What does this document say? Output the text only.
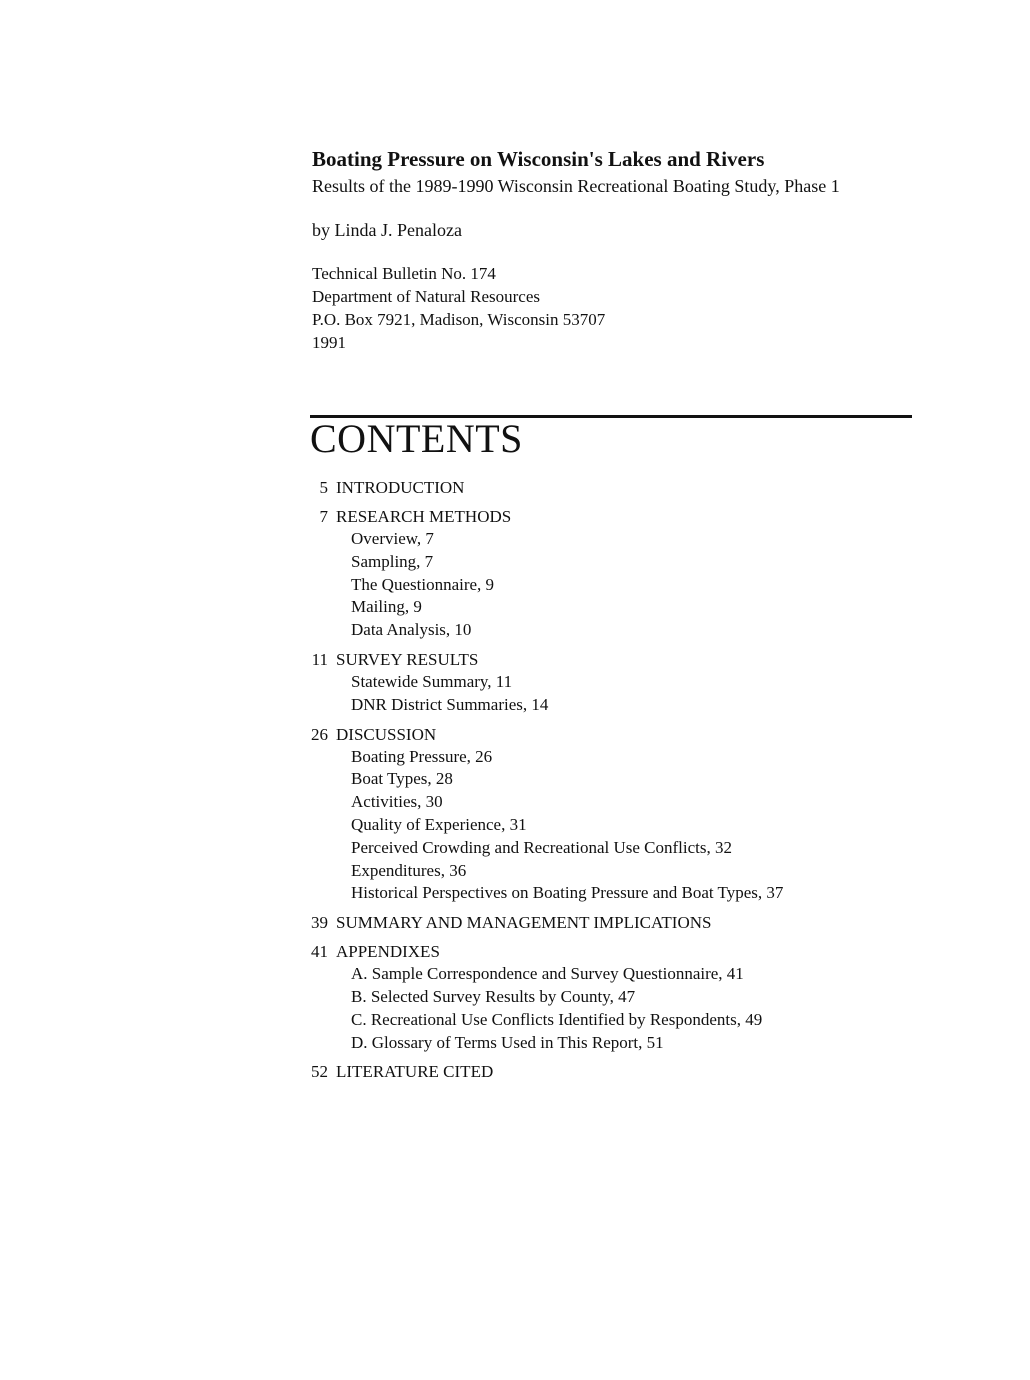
Boating Pressure on Wisconsin's Lakes and Rivers
Results of the 1989-1990 Wisconsin Recreational Boating Study, Phase 1
by Linda J. Penaloza
Technical Bulletin No. 174
Department of Natural Resources
P.O. Box 7921, Madison, Wisconsin 53707
1991
CONTENTS
5 INTRODUCTION
7 RESEARCH METHODS
Overview, 7
Sampling, 7
The Questionnaire, 9
Mailing, 9
Data Analysis, 10
11 SURVEY RESULTS
Statewide Summary, 11
DNR District Summaries, 14
26 DISCUSSION
Boating Pressure, 26
Boat Types, 28
Activities, 30
Quality of Experience, 31
Perceived Crowding and Recreational Use Conflicts, 32
Expenditures, 36
Historical Perspectives on Boating Pressure and Boat Types, 37
39 SUMMARY AND MANAGEMENT IMPLICATIONS
41 APPENDIXES
A. Sample Correspondence and Survey Questionnaire, 41
B. Selected Survey Results by County, 47
C. Recreational Use Conflicts Identified by Respondents, 49
D. Glossary of Terms Used in This Report, 51
52 LITERATURE CITED
